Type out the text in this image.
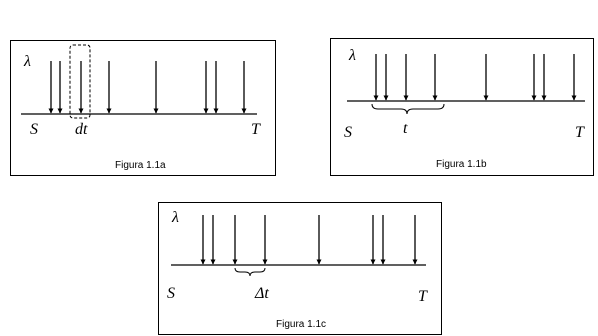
λ
S dt	T
Figura 1.1a
λ
S	t	T
Figura 1.1b
λ
S	Δt	T
Figura 1.1c
